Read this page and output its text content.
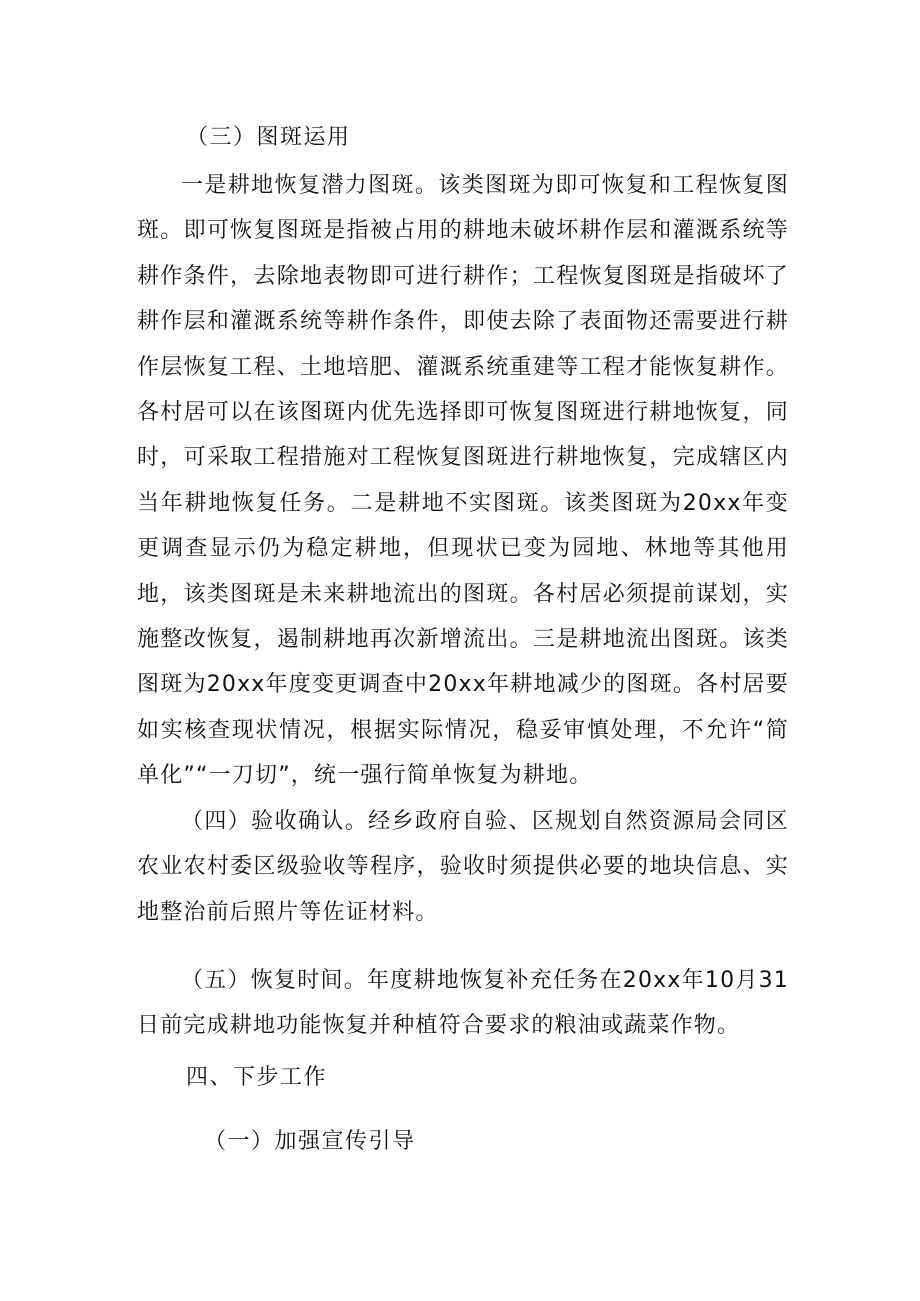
（三）图斑运用
一是耕地恢复潜力图斑。该类图斑为即可恢复和工程恢复图斑。即可恢复图斑是指被占用的耕地未破坏耕作层和灌溉系统等耕作条件，去除地表物即可进行耕作；工程恢复图斑是指破坏了耕作层和灌溉系统等耕作条件，即使去除了表面物还需要进行耕作层恢复工程、土地培肥、灌溉系统重建等工程才能恢复耕作。各村居可以在该图斑内优先选择即可恢复图斑进行耕地恢复，同时，可采取工程措施对工程恢复图斑进行耕地恢复，完成辖区内当年耕地恢复任务。二是耕地不实图斑。该类图斑为20xx年变更调查显示仍为稳定耕地，但现状已变为园地、林地等其他用地，该类图斑是未来耕地流出的图斑。各村居必须提前谋划，实施整改恢复，遏制耕地再次新增流出。三是耕地流出图斑。该类图斑为20xx年度变更调查中20xx年耕地减少的图斑。各村居要如实核查现状情况，根据实际情况，稳妥审慎处理，不允许“简单化”“一刀切”，统一强行简单恢复为耕地。
（四）验收确认。经乡政府自验、区规划自然资源局会同区农业农村委区级验收等程序，验收时须提供必要的地块信息、实地整治前后照片等佐证材料。
（五）恢复时间。年度耕地恢复补充任务在20xx年10月31日前完成耕地功能恢复并种植符合要求的粮油或蔬菜作物。
四、下步工作
（一）加强宣传引导
